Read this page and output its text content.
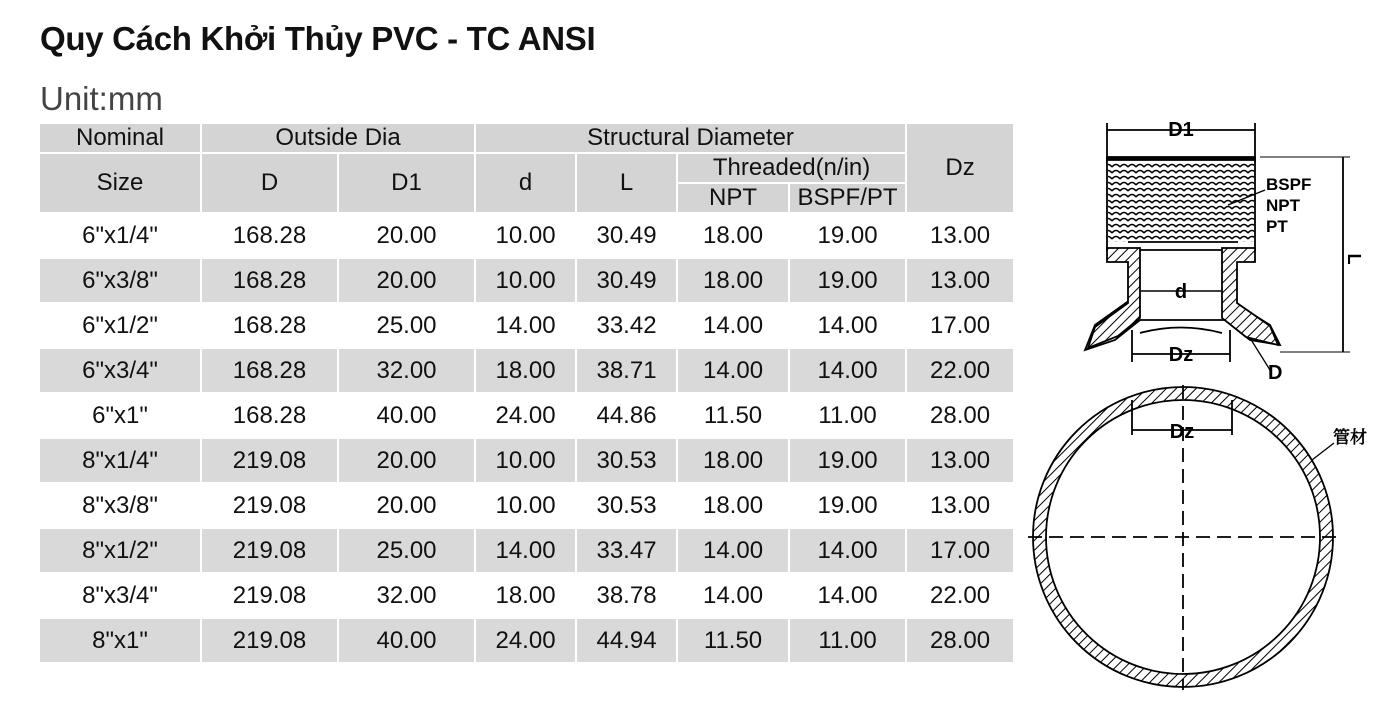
Quy Cách Khởi Thủy PVC - TC ANSI
Unit:mm
Nominal	Outside Dia		Structural Diameter				Dz
Size	D	D1	d	L	Threaded(n/in)		
					NPT	BSPF/PT	
6"x1/4"	168.28	20.00	10.00	30.49	18.00	19.00	13.00
6"x3/8"	168.28	20.00	10.00	30.49	18.00	19.00	13.00
6"x1/2"	168.28	25.00	14.00	33.42	14.00	14.00	17.00
6"x3/4"	168.28	32.00	18.00	38.71	14.00	14.00	22.00
6"x1"	168.28	40.00	24.00	44.86	11.50	11.00	28.00
8"x1/4"	219.08	20.00	10.00	30.53	18.00	19.00	13.00
8"x3/8"	219.08	20.00	10.00	30.53	18.00	19.00	13.00
8"x1/2"	219.08	25.00	14.00	33.47	14.00	14.00	17.00
8"x3/4"	219.08	32.00	18.00	38.78	14.00	14.00	22.00
8"x1"	219.08	40.00	24.00	44.94	11.50	11.00	28.00
D1
BSPF
NPT
PT
L
d
Dz
D
Dz	管材
